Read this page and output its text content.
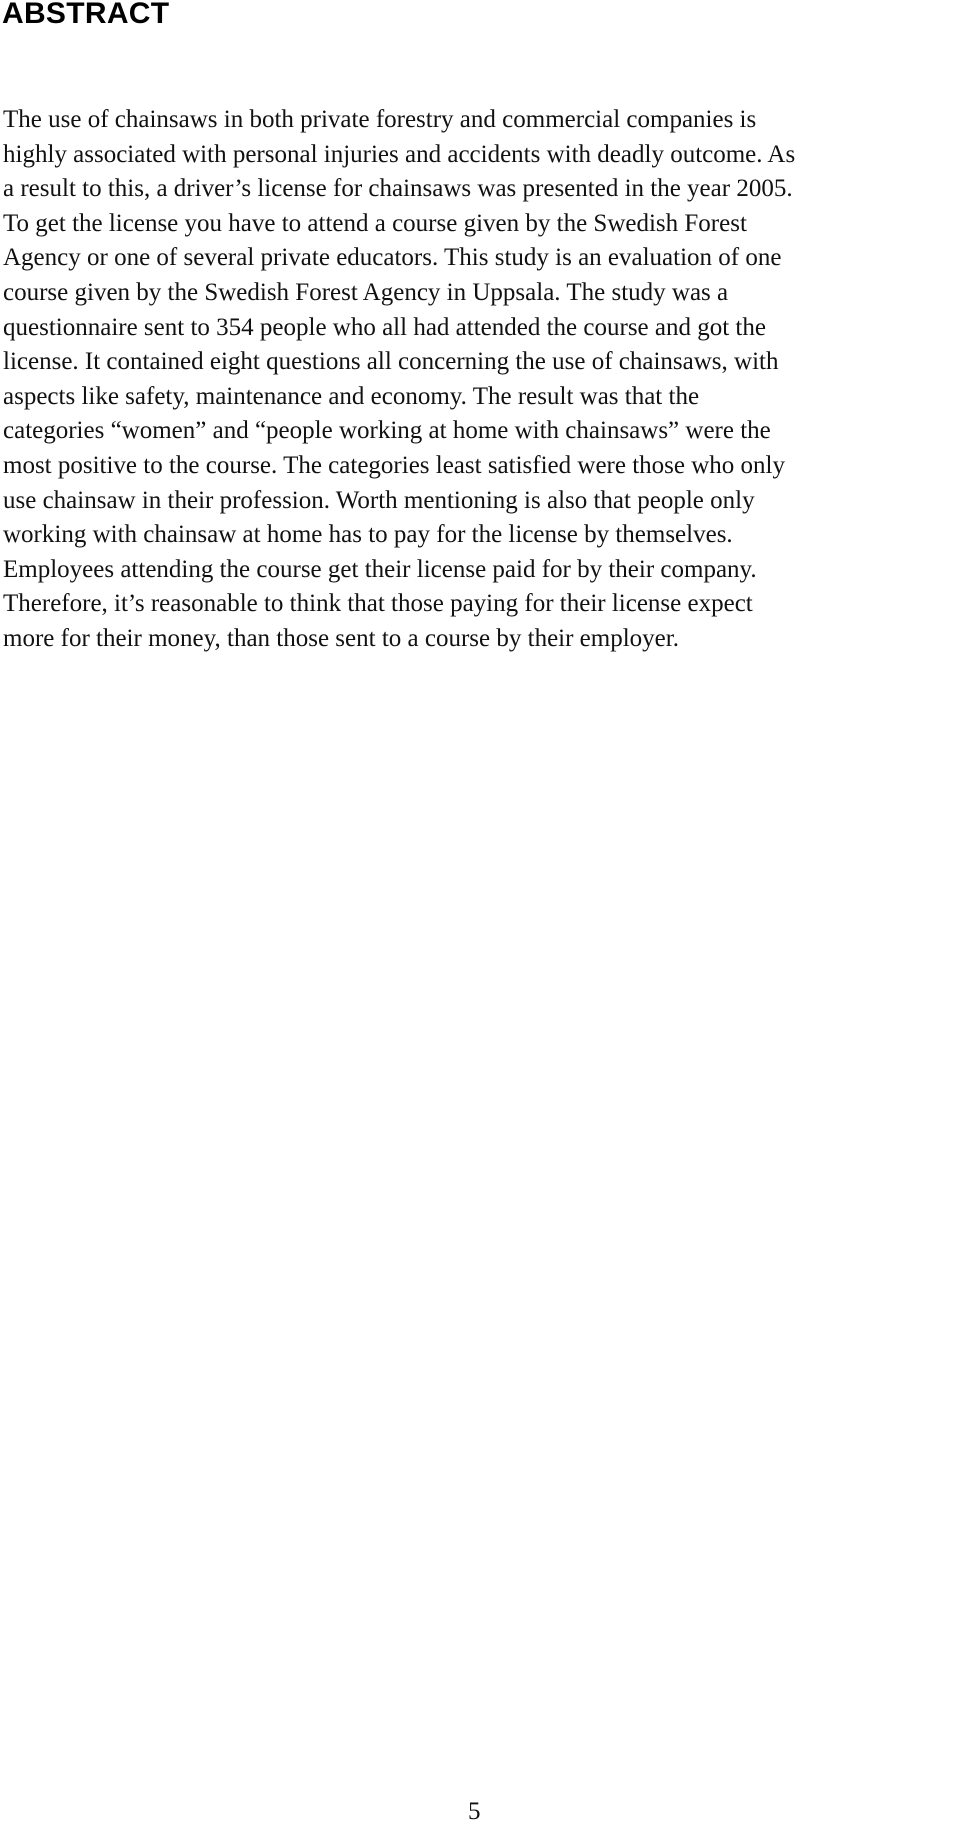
ABSTRACT

The use of chainsaws in both private forestry and commercial companies is
highly associated with personal injuries and accidents with deadly outcome. As
a result to this, a driver’s license for chainsaws was presented in the year 2005.
To get the license you have to attend a course given by the Swedish Forest
Agency or one of several private educators. This study is an evaluation of one
course given by the Swedish Forest Agency in Uppsala. The study was a
questionnaire sent to 354 people who all had attended the course and got the
license. It contained eight questions all concerning the use of chainsaws, with
aspects like safety, maintenance and economy. The result was that the
categories “women” and “people working at home with chainsaws” were the
most positive to the course. The categories least satisfied were those who only
use chainsaw in their profession. Worth mentioning is also that people only
working with chainsaw at home has to pay for the license by themselves.
Employees attending the course get their license paid for by their company.
Therefore, it’s reasonable to think that those paying for their license expect
more for their money, than those sent to a course by their employer.

5
